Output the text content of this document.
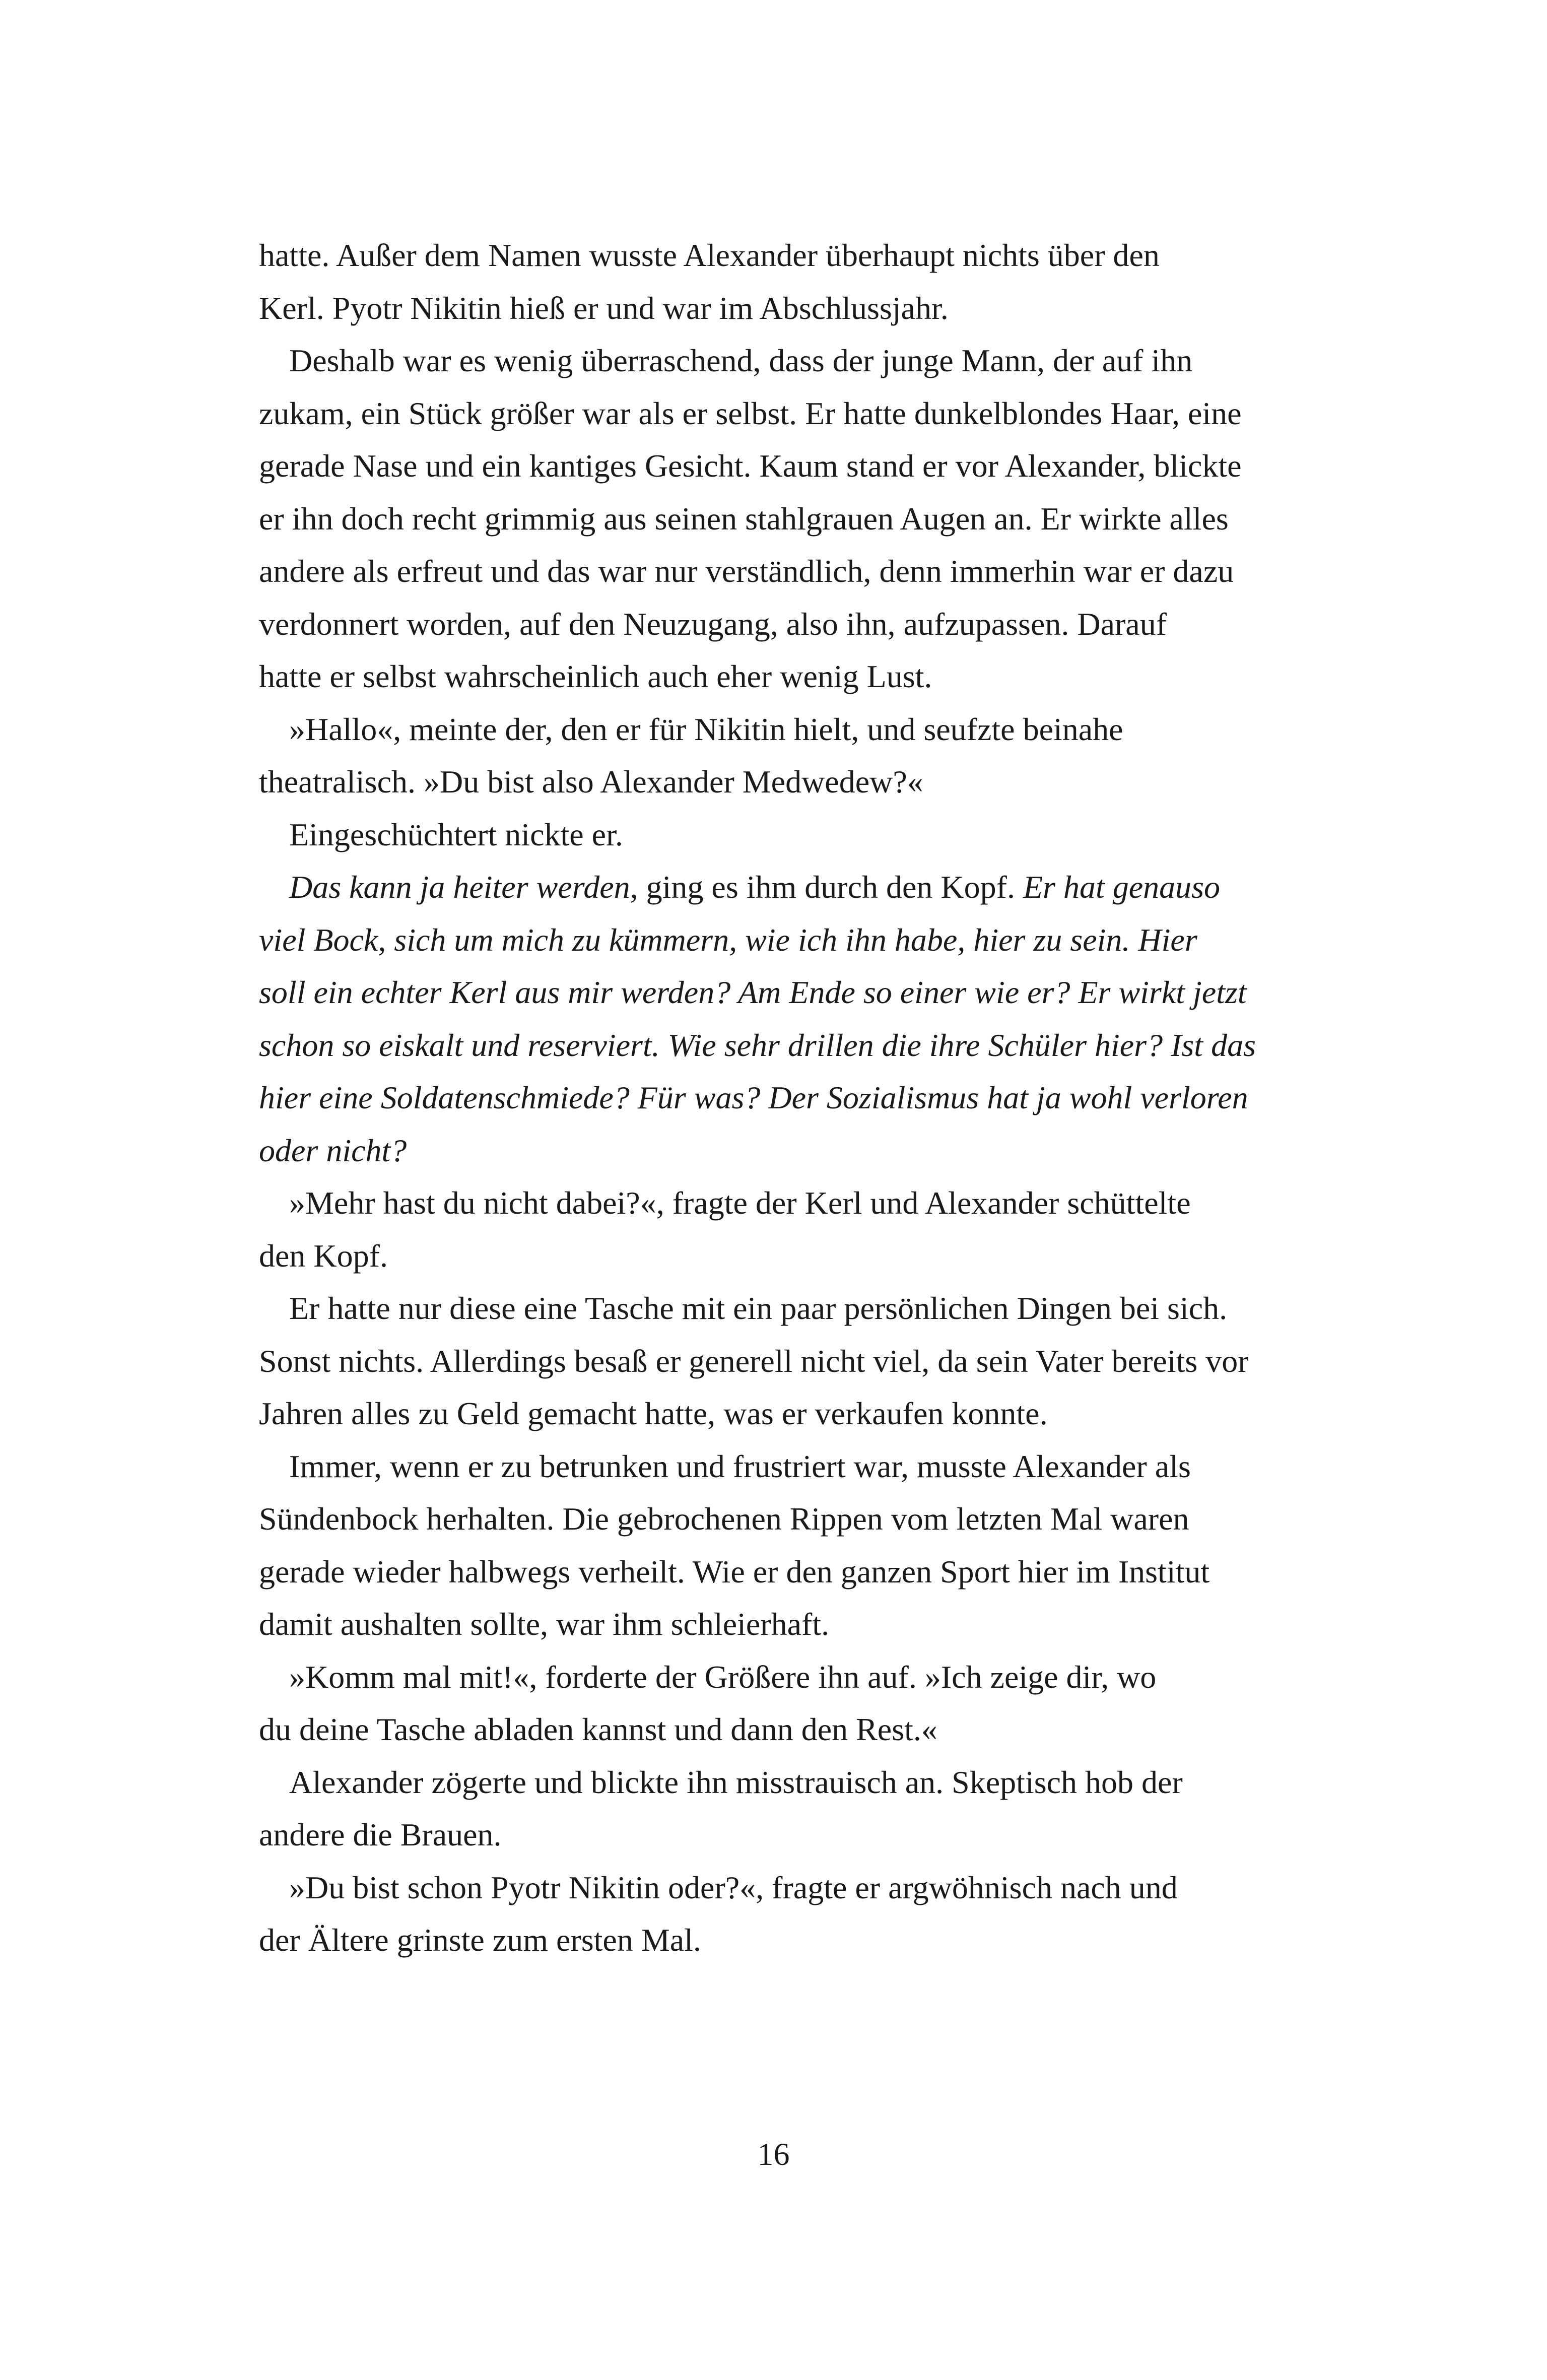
hatte. Außer dem Namen wusste Alexander überhaupt nichts über den
Kerl. Pyotr Nikitin hieß er und war im Abschlussjahr.
Deshalb war es wenig überraschend, dass der junge Mann, der auf ihn
zukam, ein Stück größer war als er selbst. Er hatte dunkelblondes Haar, eine
gerade Nase und ein kantiges Gesicht. Kaum stand er vor Alexander, blickte
er ihn doch recht grimmig aus seinen stahlgrauen Augen an. Er wirkte alles
andere als erfreut und das war nur verständlich, denn immerhin war er dazu
verdonnert worden, auf den Neuzugang, also ihn, aufzupassen. Darauf
hatte er selbst wahrscheinlich auch eher wenig Lust.
»Hallo«, meinte der, den er für Nikitin hielt, und seufzte beinahe
theatralisch. »Du bist also Alexander Medwedew?«
Eingeschüchtert nickte er.
Das kann ja heiter werden, ging es ihm durch den Kopf. Er hat genauso
viel Bock, sich um mich zu kümmern, wie ich ihn habe, hier zu sein. Hier
soll ein echter Kerl aus mir werden? Am Ende so einer wie er? Er wirkt jetzt
schon so eiskalt und reserviert. Wie sehr drillen die ihre Schüler hier? Ist das
hier eine Soldatenschmiede? Für was? Der Sozialismus hat ja wohl verloren
oder nicht?
»Mehr hast du nicht dabei?«, fragte der Kerl und Alexander schüttelte
den Kopf.
Er hatte nur diese eine Tasche mit ein paar persönlichen Dingen bei sich.
Sonst nichts. Allerdings besaß er generell nicht viel, da sein Vater bereits vor
Jahren alles zu Geld gemacht hatte, was er verkaufen konnte.
Immer, wenn er zu betrunken und frustriert war, musste Alexander als
Sündenbock herhalten. Die gebrochenen Rippen vom letzten Mal waren
gerade wieder halbwegs verheilt. Wie er den ganzen Sport hier im Institut
damit aushalten sollte, war ihm schleierhaft.
»Komm mal mit!«, forderte der Größere ihn auf. »Ich zeige dir, wo
du deine Tasche abladen kannst und dann den Rest.«
Alexander zögerte und blickte ihn misstrauisch an. Skeptisch hob der
andere die Brauen.
»Du bist schon Pyotr Nikitin oder?«, fragte er argwöhnisch nach und
der Ältere grinste zum ersten Mal.
16
